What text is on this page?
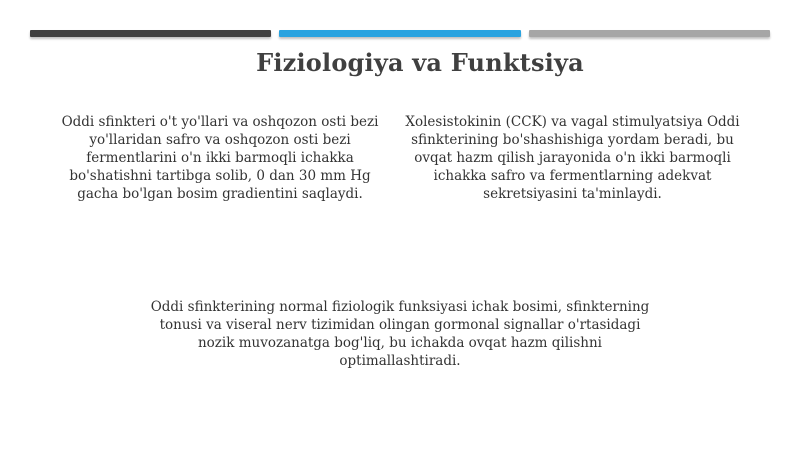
Fiziologiya va Funktsiya
Oddi sfinkteri o't yo'llari va oshqozon osti bezi yo'llaridan safro va oshqozon osti bezi fermentlarini o'n ikki barmoqli ichakka bo'shatishni tartibga solib, 0 dan 30 mm Hg gacha bo'lgan bosim gradientini saqlaydi.
Xolesistokinin (CCK) va vagal stimulyatsiya Oddi sfinkterining bo'shashishiga yordam beradi, bu ovqat hazm qilish jarayonida o'n ikki barmoqli ichakka safro va fermentlarning adekvat sekretsiyasini ta'minlaydi.
Oddi sfinkterining normal fiziologik funksiyasi ichak bosimi, sfinkterning tonusi va viseral nerv tizimidan olingan gormonal signallar o'rtasidagi nozik muvozanatga bog'liq, bu ichakda ovqat hazm qilishni optimallashtiradi.
